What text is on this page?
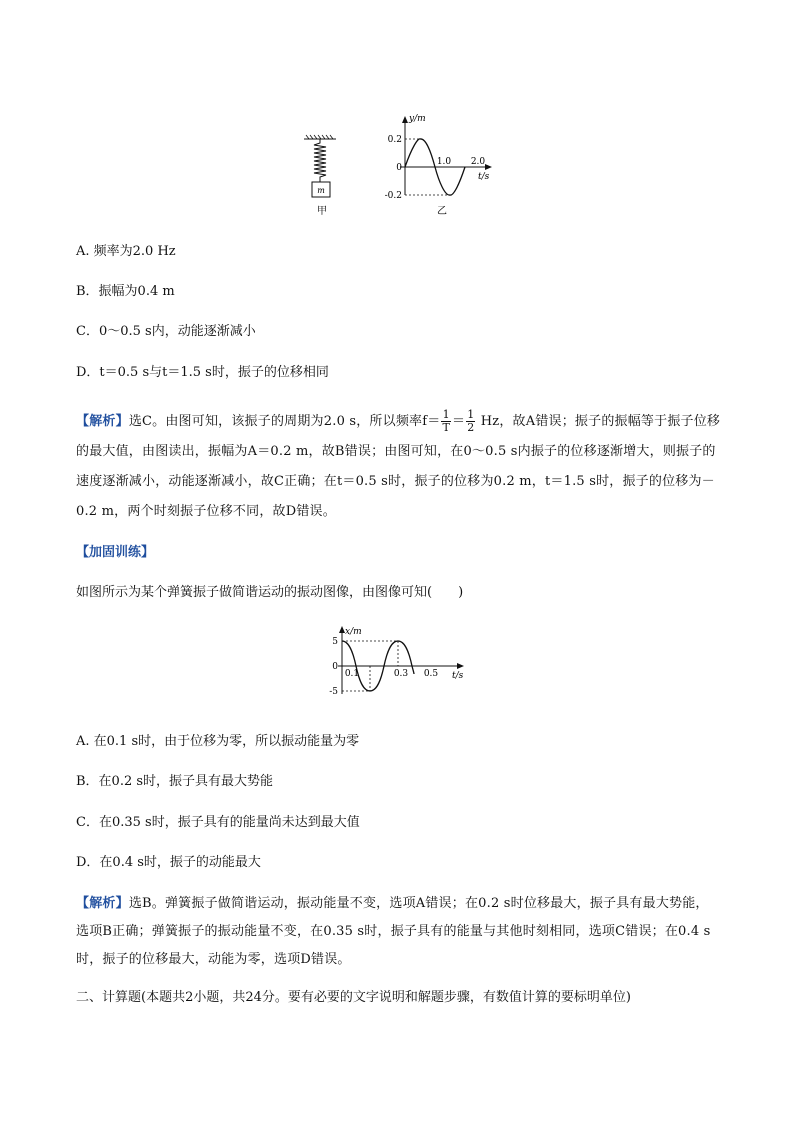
m
甲
y/m
t/s
0.2
0
-0.2
1.0 2.0
乙
A. 频率为2.0 Hz
B．振幅为0.4 m
C．0～0.5 s内，动能逐渐减小
D．t＝0.5 s与t＝1.5 s时，振子的位移相同
【解析】选C。由图可知，该振子的周期为2.0 s，所以频率$f= \frac{1}{T} = \frac{1}{2}$ Hz，故A错误；振子的振幅等于振子位移的最大值，由图读出，振幅为A＝0.2 m，故B错误；由图可知，在0～0.5 s内振子的位移逐渐增大，则振子的速度逐渐减小，动能逐渐减小，故C正确；在t＝0.5 s时，振子的位移为0.2 m，t＝1.5 s时，振子的位移为－0.2 m，两个时刻振子位移不同，故D错误。
【加固训练】
如图所示为某个弹簧振子做简谐运动的振动图像，由图像可知(　　)
x/m
t/s
5
0
-5
0.1	0.3 0.5
A. 在0.1 s时，由于位移为零，所以振动能量为零
B．在0.2 s时，振子具有最大势能
C．在0.35 s时，振子具有的能量尚未达到最大值
D．在0.4 s时，振子的动能最大
【解析】选B。弹簧振子做简谐运动，振动能量不变，选项A错误；在0.2 s时位移最大，振子具有最大势能，选项B正确；弹簧振子的振动能量不变，在0.35 s时，振子具有的能量与其他时刻相同，选项C错误；在0.4 s时，振子的位移最大，动能为零，选项D错误。
二、计算题(本题共2小题，共24分。要有必要的文字说明和解题步骤，有数值计算的要标明单位)
